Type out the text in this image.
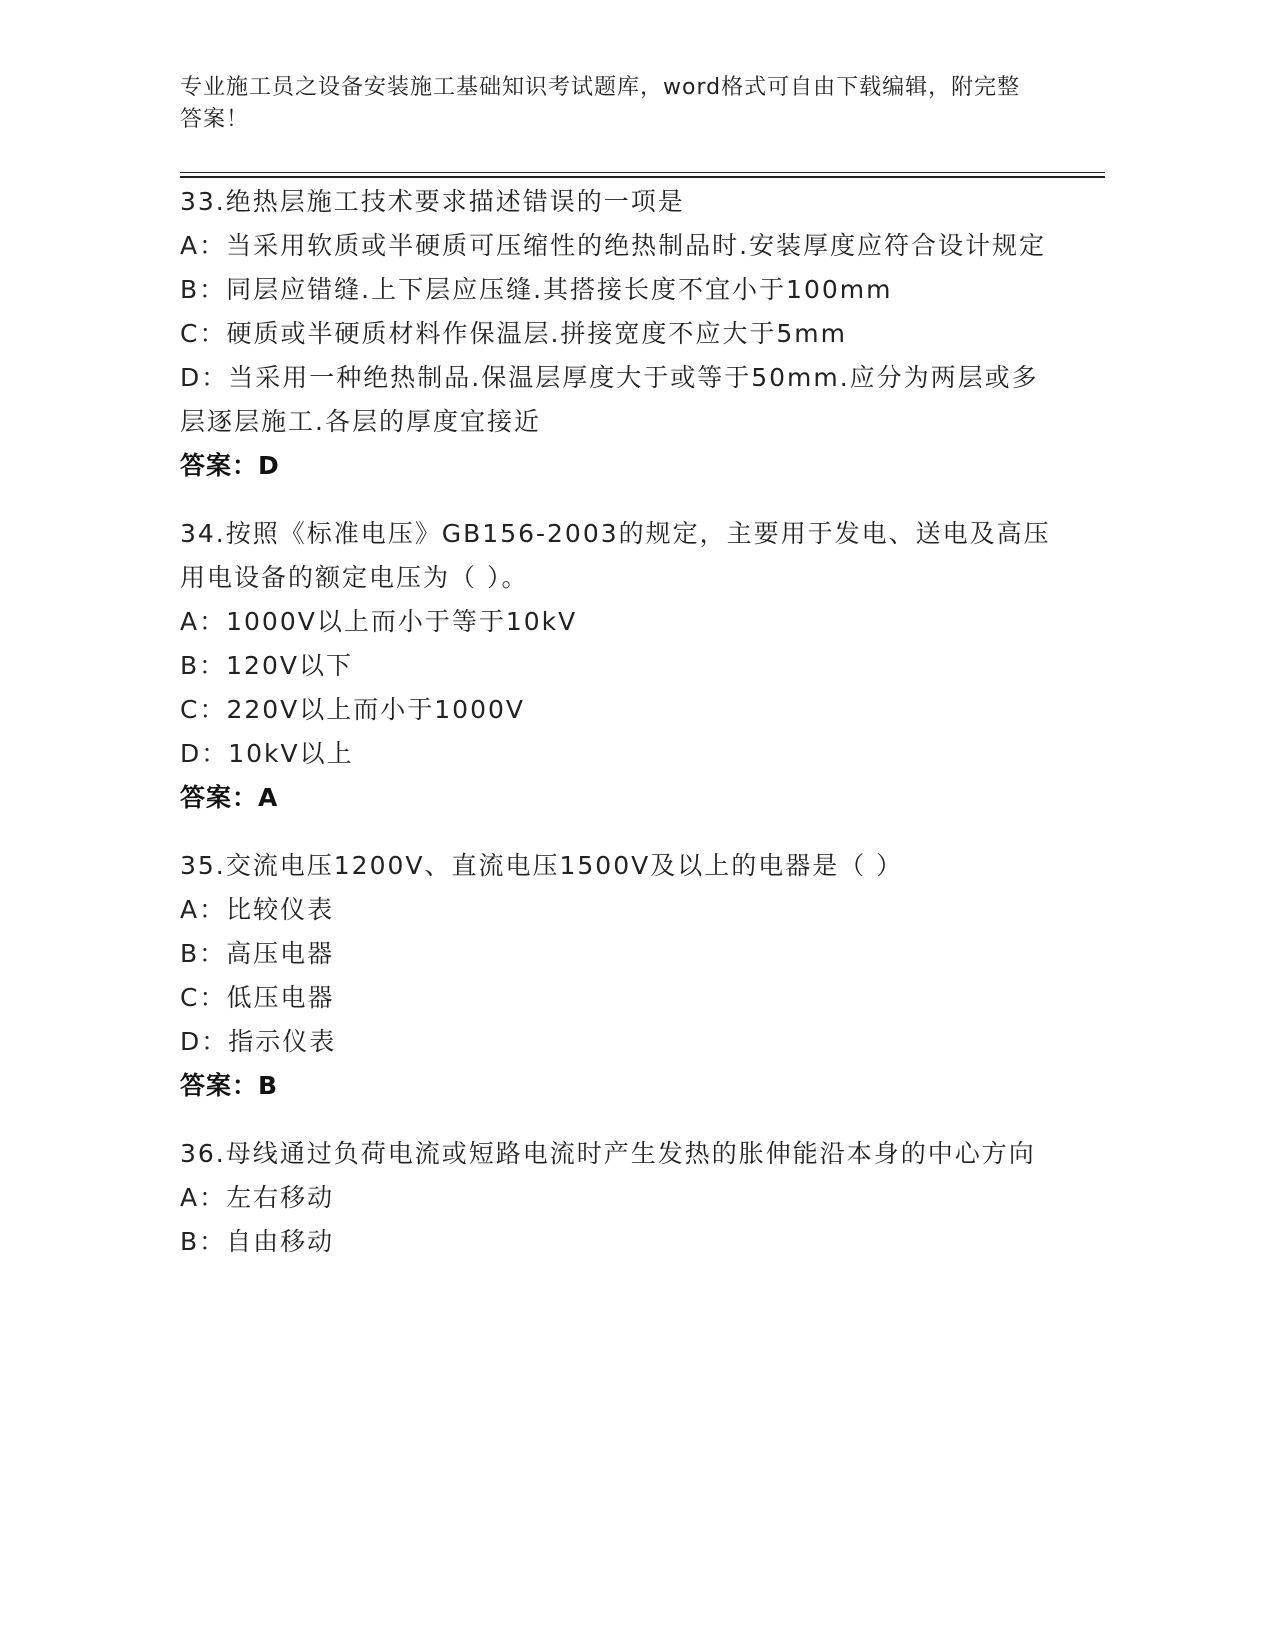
专业施工员之设备安装施工基础知识考试题库，word格式可自由下载编辑，附完整答案！
33.绝热层施工技术要求描述错误的一项是
A：当采用软质或半硬质可压缩性的绝热制品时.安装厚度应符合设计规定
B：同层应错缝.上下层应压缝.其搭接长度不宜小于100mm
C：硬质或半硬质材料作保温层.拼接宽度不应大于5mm
D：当采用一种绝热制品.保温层厚度大于或等于50mm.应分为两层或多层逐层施工.各层的厚度宜接近
答案：D
34.按照《标准电压》GB156-2003的规定，主要用于发电、送电及高压用电设备的额定电压为（ ）。
A：1000V以上而小于等于10kV
B：120V以下
C：220V以上而小于1000V
D：10kV以上
答案：A
35.交流电压1200V、直流电压1500V及以上的电器是（ ）
A：比较仪表
B：高压电器
C：低压电器
D：指示仪表
答案：B
36.母线通过负荷电流或短路电流时产生发热的胀伸能沿本身的中心方向
A：左右移动
B：自由移动
